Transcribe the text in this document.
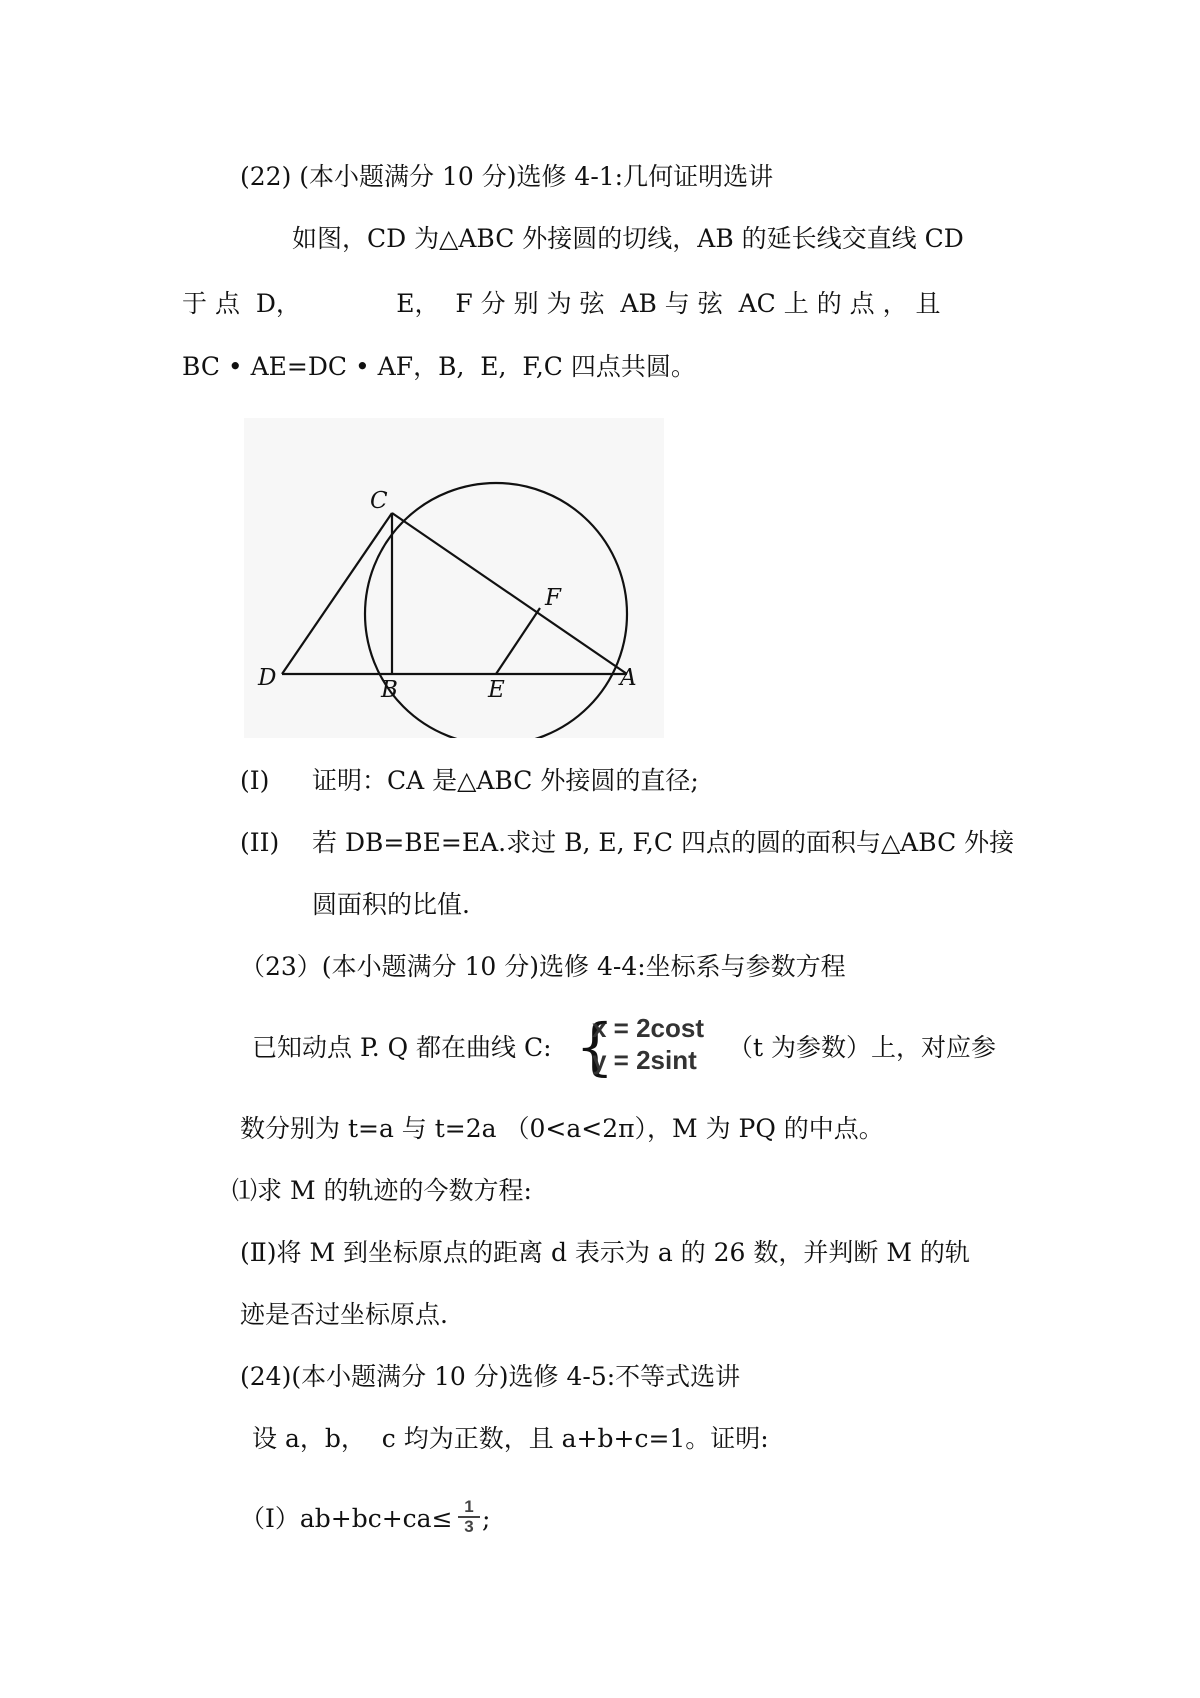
(22) (本小题满分 10 分)选修 4-1:几何证明选讲
如图，CD 为△ABC 外接圆的切线，AB 的延长线交直线 CD
于 点  D，            E，  F 分 别 为 弦  AB 与 弦  AC 上 的 点 ， 且
BC • AE=DC • AF，B,  E,  F,C 四点共圆。
C
F
D	B	E	A
(I) 证明：CA 是△ABC 外接圆的直径;
(II) 若 DB=BE=EA.求过 B, E, F,C 四点的圆的面积与△ABC 外接
圆面积的比值.
（23）(本小题满分 10 分)选修 4-4:坐标系与参数方程
已知动点 P. Q 都在曲线 C: {
x = 2cost
y = 2sint （t 为参数）上，对应参
数分别为 t=a 与 t=2a （0<a<2π），M 为 PQ 的中点。
⑴求 M 的轨迹的今数方程:
(Ⅱ)将 M 到坐标原点的距离 d 表示为 a 的 26 数，并判断 M 的轨
迹是否过坐标原点.
(24)(本小题满分 10 分)选修 4-5:不等式选讲
设 a，b，  c 均为正数，且 a+b+c=1。证明:
（Ⅰ）ab+bc+ca≤ $\frac{1}{3}$ ;
